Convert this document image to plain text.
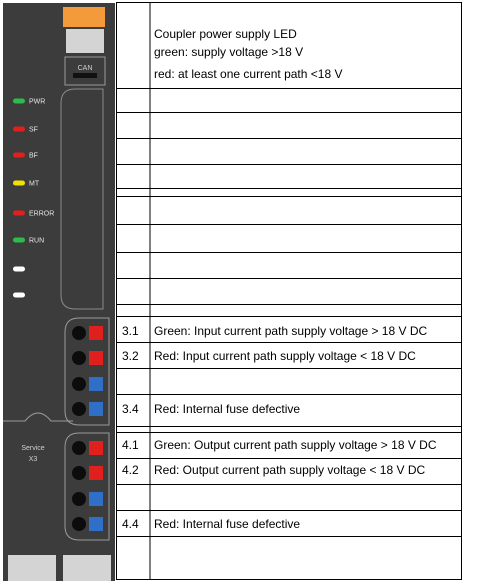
CAN
PWR
SF
BF
MT
ERROR
RUN
Service
X3
Coupler power supply LED
green: supply voltage >18 V
red: at least one current path <18 V
3.1 Green: Input current path supply voltage > 18 V DC
3.2 Red: Input current path supply voltage < 18 V DC
3.4 Red: Internal fuse defective
4.1 Green: Output current path supply voltage > 18 V DC
4.2 Red: Output current path supply voltage < 18 V DC
4.4 Red: Internal fuse defective
